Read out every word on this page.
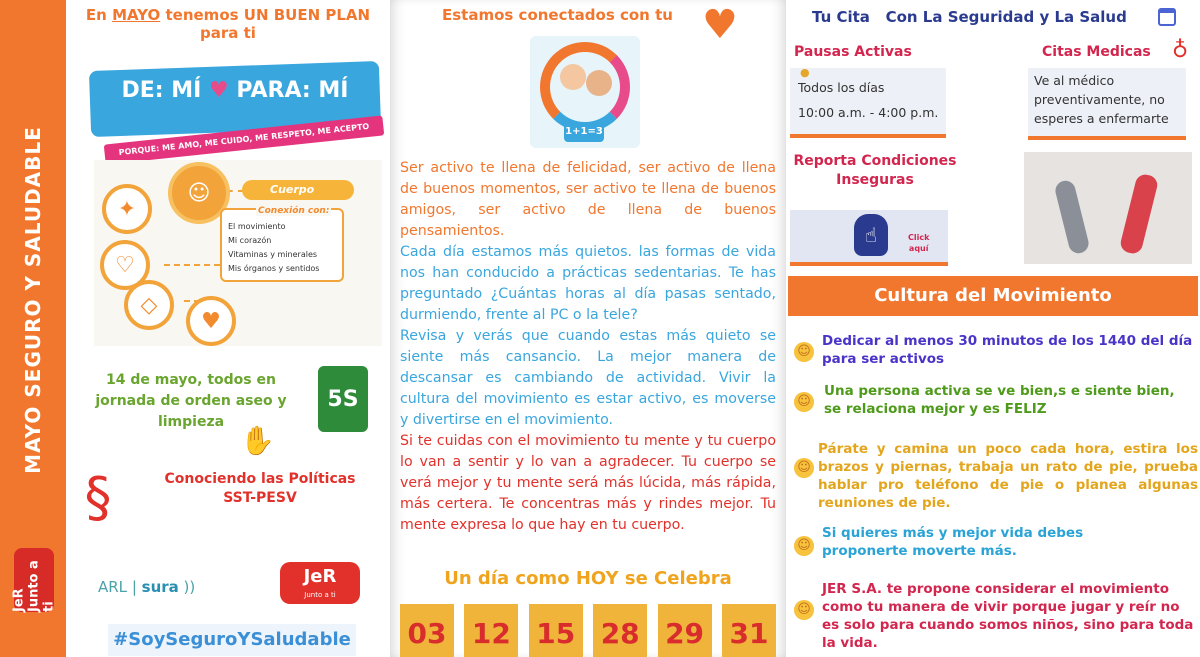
MAYO SEGURO Y SALUDABLE
JeR Junto a ti
En MAYO tenemos UN BUEN PLAN
para ti
DE: MÍ ♥ PARA: MÍ
PORQUE: ME AMO, ME CUIDO, ME RESPETO, ME ACEPTO
☺	Cuerpo
✦
♡
◇
♥
Conexión con:
El movimiento
Mi corazón
Vitaminas y minerales
Mis órganos y sentidos
14 de mayo, todos en jornada de orden aseo y limpieza
✋
5S
§	Conociendo las Políticas
SST-PESV
ARL | sura ))	JeR
Junto a ti
#SoySeguroYSaludable
Estamos conectados con tu ♥
1+1=3

Ser activo te llena de felicidad, ser activo de llena de buenos momentos, ser activo te llena de buenos amigos, ser activo de llena de buenos pensamientos.

Cada día estamos más quietos. las formas de vida nos han conducido a prácticas sedentarias. Te has preguntado ¿Cuántas horas al día pasas sentado, durmiendo, frente al PC o la tele?

Revisa y verás que cuando estas más quieto se siente más cansancio. La mejor manera de descansar es cambiando de actividad. Vivir la cultura del movimiento es estar activo, es moverse y divertirse en el movimiento.

Si te cuidas con el movimiento tu mente y tu cuerpo lo van a sentir y lo van a agradecer. Tu cuerpo se verá mejor y tu mente será más lúcida, más rápida, más certera. Te concentras más y rindes mejor. Tu mente expresa lo que hay en tu cuerpo.

Un día como HOY se Celebra
03 12 15 28 29 31
Tu Cita   Con La Seguridad y La Salud
Pausas Activas
Todos los días
10:00 a.m. - 4:00 p.m.
●
Citas Medicas ♁
Ve al médico preventivamente, no esperes a enfermarte
Reporta Condiciones Inseguras
☝	Click
aquí
Cultura del Movimiento
☺
Dedicar al menos 30 minutos de los 1440 del día para ser activos
☺
Una persona activa se ve bien,s e siente bien, se relaciona mejor y es FELIZ
☺
Párate y camina un poco cada hora, estira los brazos y piernas, trabaja un rato de pie, prueba hablar pro teléfono de pie o planea algunas reuniones de pie.
☺
Si quieres más y mejor vida debes proponerte moverte más.
☺
JER S.A. te propone considerar el movimiento como tu manera de vivir porque jugar y reír no es solo para cuando somos niños, sino para toda la vida.
